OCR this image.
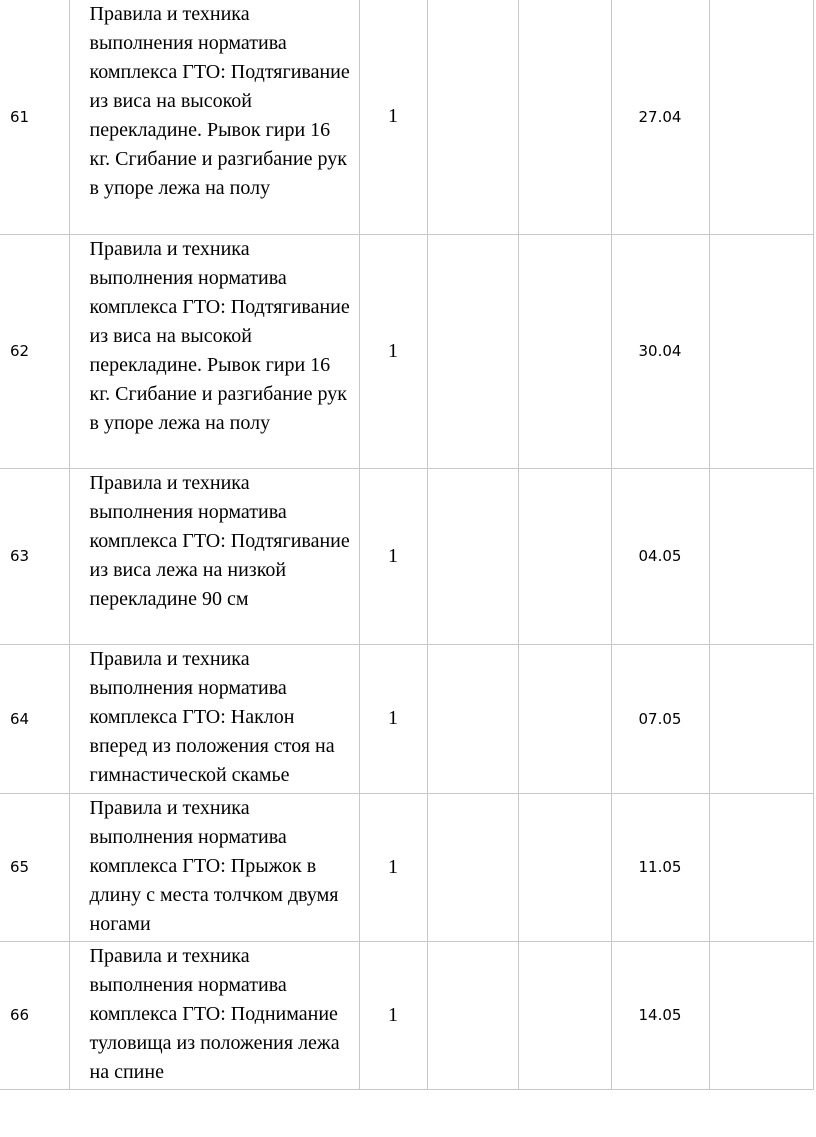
61	Правила и техника выполнения норматива комплекса ГТО: Подтягивание из виса на высокой перекладине. Рывок гири 16 кг. Сгибание и разгибание рук в упоре лежа на полу	1			27.04	
62	Правила и техника выполнения норматива комплекса ГТО: Подтягивание из виса на высокой перекладине. Рывок гири 16 кг. Сгибание и разгибание рук в упоре лежа на полу	1			30.04	
63	Правила и техника выполнения норматива комплекса ГТО: Подтягивание из виса лежа на низкой перекладине 90 см	1			04.05	
64	Правила и техника выполнения норматива комплекса ГТО: Наклон вперед из положения стоя на гимнастической скамье	1			07.05	
65	Правила и техника выполнения норматива комплекса ГТО: Прыжок в длину с места толчком двумя ногами	1			11.05	
66	Правила и техника выполнения норматива комплекса ГТО: Поднимание туловища из положения лежа на спине	1			14.05	
